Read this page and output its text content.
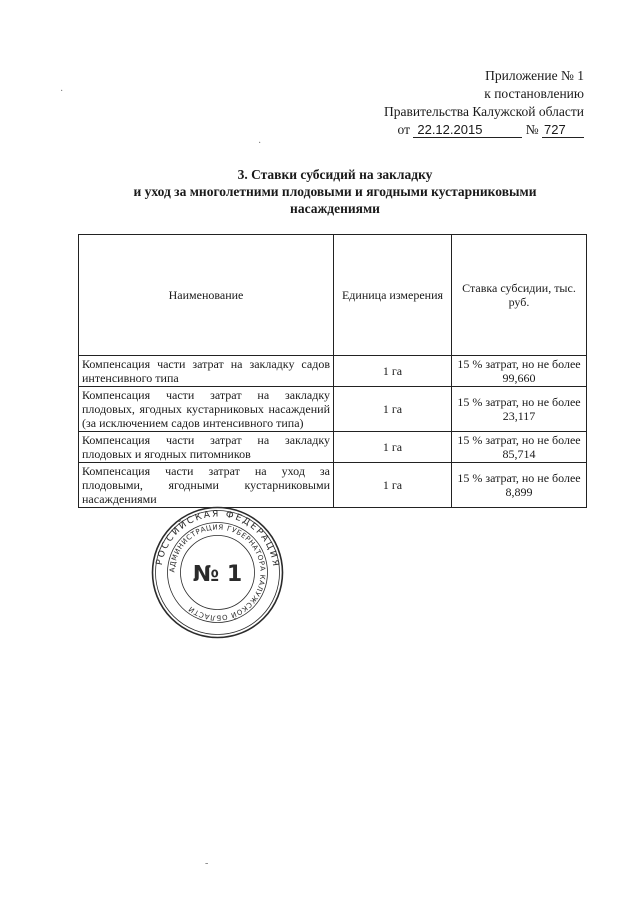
Приложение № 1
к постановлению
Правительства Калужской области
от 22.12.2015	№ 727
3. Ставки субсидий на закладку
и уход за многолетними плодовыми и ягодными кустарниковыми
насаждениями
Наименование	Единица измерения	Ставка субсидии, тыс. руб.
Компенсация части затрат на закладку садов интенсивного типа	1 га	15 % затрат, но не более 99,660
Компенсация части затрат на закладку плодовых, ягодных кустарниковых насаждений (за исключением садов интенсивного типа)	1 га	15 % затрат, но не более 23,117
Компенсация части затрат на закладку плодовых и ягодных питомников	1 га	15 % затрат, но не более 85,714
Компенсация части затрат на уход за плодовыми, ягодными кустарниковыми насаждениями	1 га	15 % затрат, но не более 8,899
РОССИЙСКАЯ ФЕДЕРАЦИЯ
АДМИНИСТРАЦИЯ ГУБЕРНАТОРА КАЛУЖСКОЙ ОБЛАСТИ
№ 1
·
·
-
